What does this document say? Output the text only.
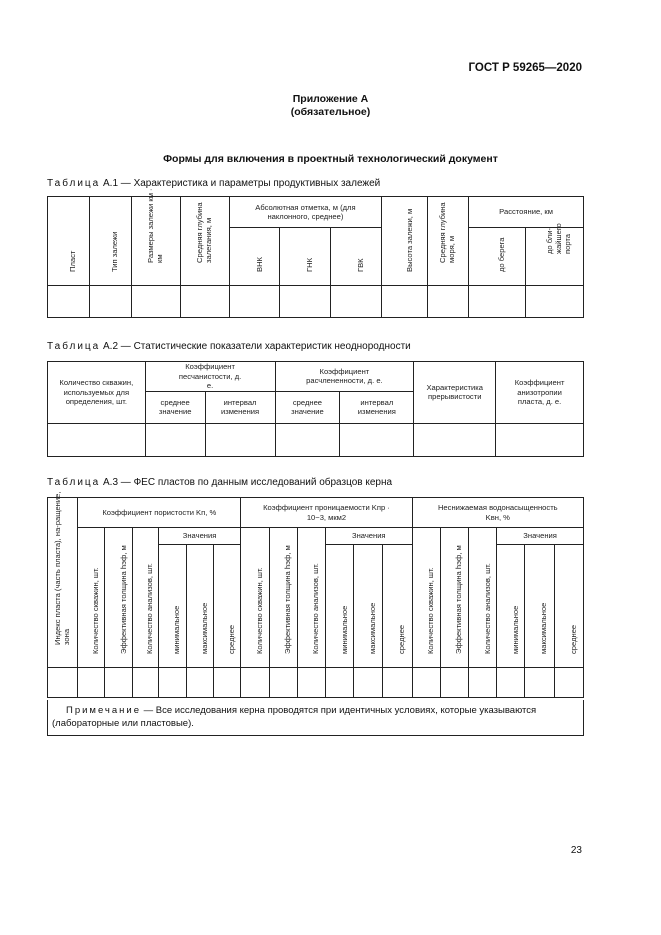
ГОСТ Р 59265—2020
Приложение А
(обязательное)
Формы для включения в проектный технологический документ
Таблица А.1 — Характеристика и параметры продуктивных залежей
Пласт	Тип залежи	Размеры залежи км · км	Средняя глубина залегания, м	Абсолютная отметка, м (для наклонного, среднее)			Высота залежи, м	Средняя глубина моря, м	Расстояние, км	

				ВНК	ГНК	ГВК			до берега	до бли-жайшего порта

Таблица А.2 — Статистические показатели характеристик неоднородности
Количество скважин, используемых для определения, шт.	Коэффициент песчанистости, д. е.		Коэффициент расчлененности, д. е.		Характеристика прерывистости	Коэффициент анизотропии пласта, д. е.
	среднее значение	интервал изменения	среднее значение	интервал изменения		

Таблица А.3 — ФЕС пластов по данным исследований образцов керна
Индекс пласта (часть пласта), на-ращение, зона	Коэффициент пористости Kп, %						Коэффициент проницаемости Kпр · 10−3, мкм2						Неснижаемая водонасыщенность Kвн, %					

	Количество скважин, шт.	Эффективная толщина hэф, м	Количество анализов, шт.	Значения			Количество скважин, шт.	Эффективная толщина hэф, м	Количество анализов, шт.	Значения			Количество скважин, шт.	Эффективная толщина hэф, м	Количество анализов, шт.	Значения		

				минимальное	максимальное	среднее				минимальное	максимальное	среднее				минимальное	максимальное	среднее

Примечание — Все исследования керна проводятся при идентичных условиях, которые указываются (лабораторные или пластовые).
23
